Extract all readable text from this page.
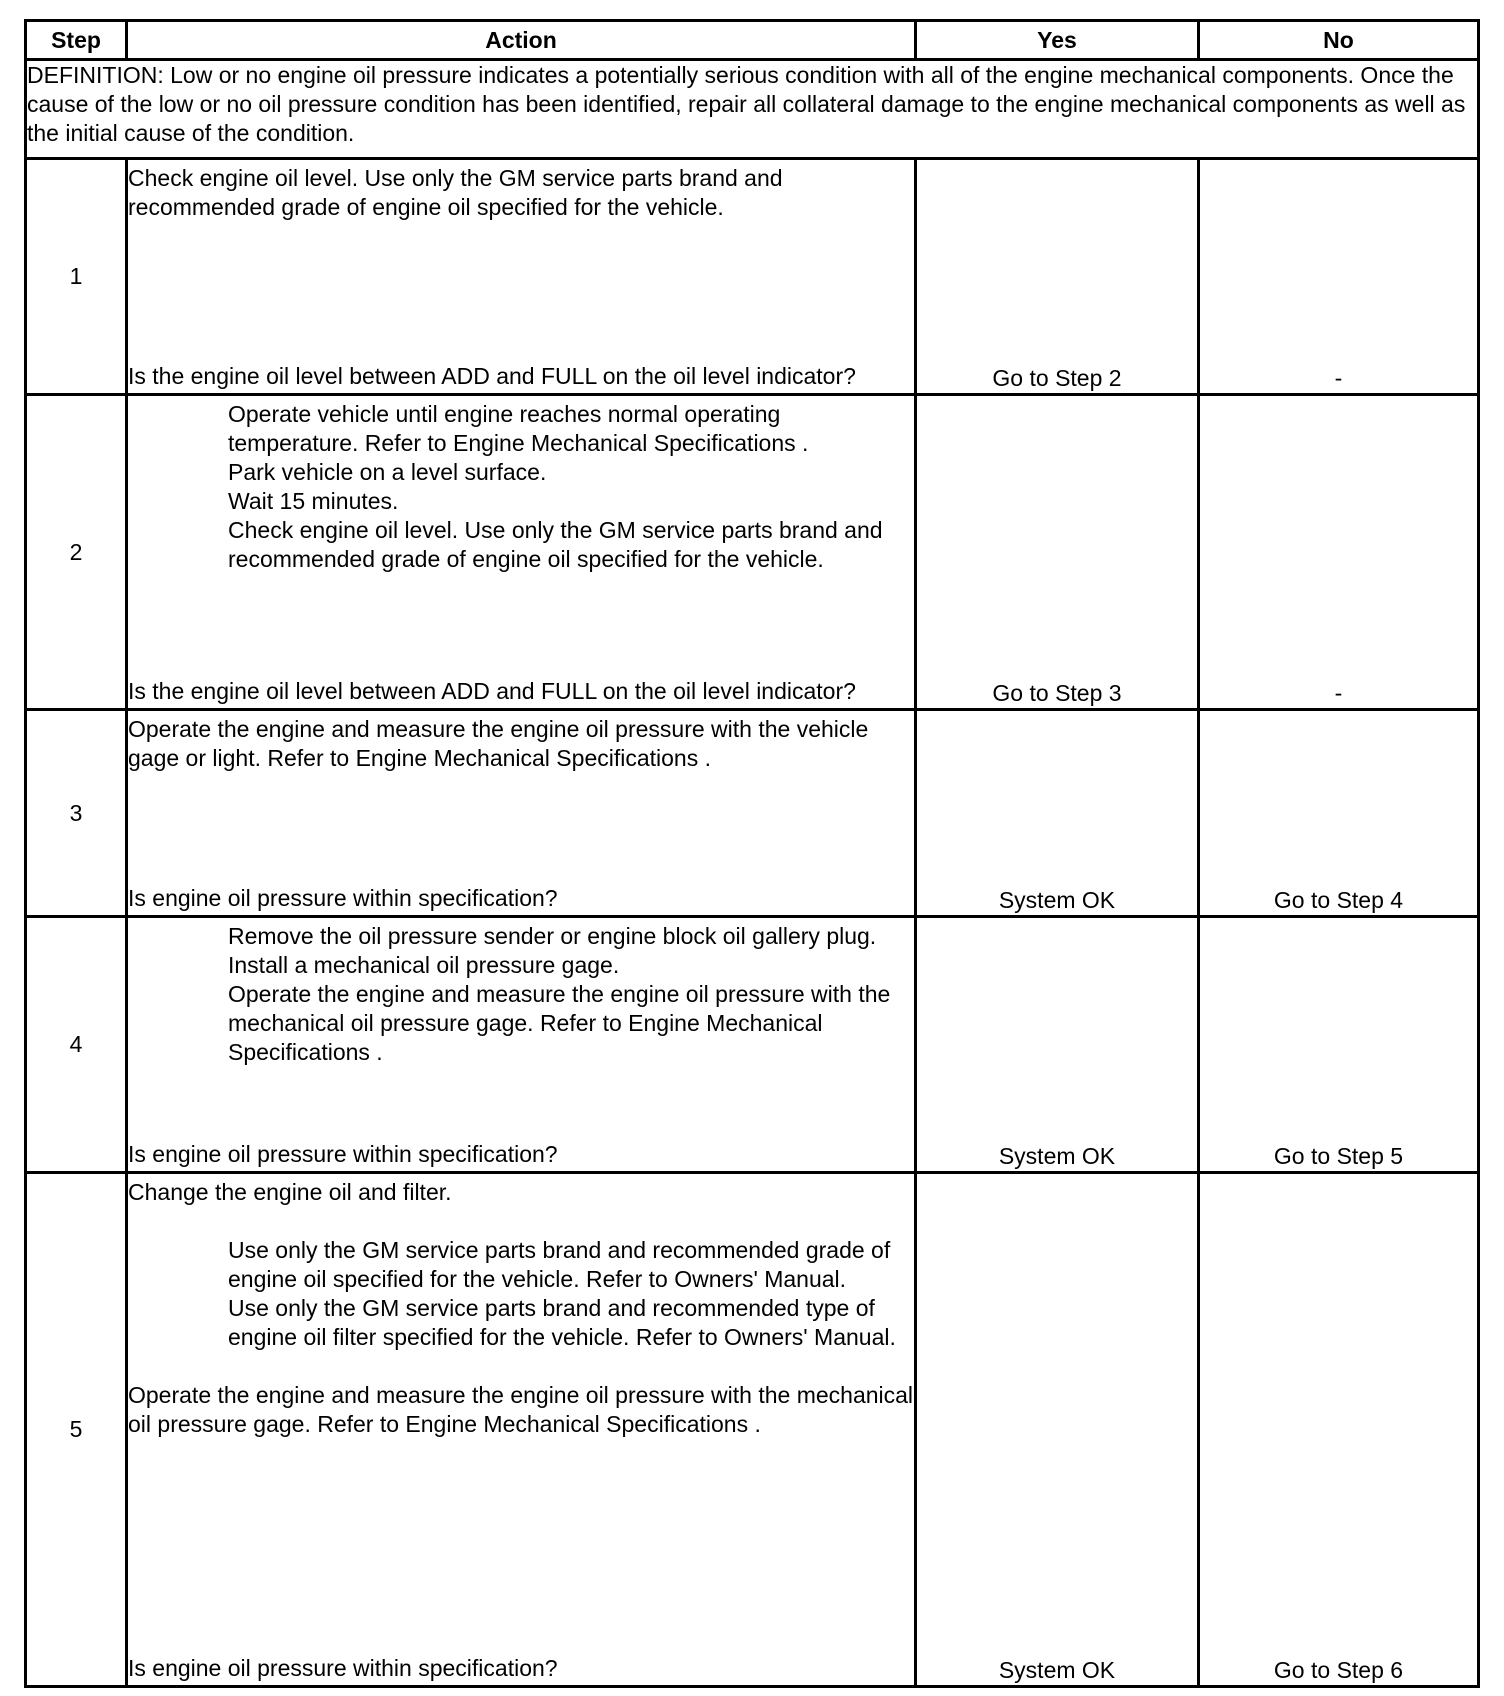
Step	Action	Yes	No
DEFINITION: Low or no engine oil pressure indicates a potentially serious condition with all of the engine mechanical components. Once the cause of the low or no oil pressure condition has been identified, repair all collateral damage to the engine mechanical components as well as the initial cause of the condition.			
1	Check engine oil level. Use only the GM service parts brand and recommended grade of engine oil specified for the vehicle.
Is the engine oil level between ADD and FULL on the oil level indicator?	Go to Step 2	-
2	Operate vehicle until engine reaches normal operating temperature. Refer to Engine Mechanical Specifications .
Park vehicle on a level surface.
Wait 15 minutes.
Check engine oil level. Use only the GM service parts brand and recommended grade of engine oil specified for the vehicle.
Is the engine oil level between ADD and FULL on the oil level indicator?	Go to Step 3	-
3	Operate the engine and measure the engine oil pressure with the vehicle gage or light. Refer to Engine Mechanical Specifications .
Is engine oil pressure within specification?	System OK	Go to Step 4
4	Remove the oil pressure sender or engine block oil gallery plug.
Install a mechanical oil pressure gage.
Operate the engine and measure the engine oil pressure with the mechanical oil pressure gage. Refer to Engine Mechanical Specifications .
Is engine oil pressure within specification?	System OK	Go to Step 5
5	Change the engine oil and filter.
Use only the GM service parts brand and recommended grade of engine oil specified for the vehicle. Refer to Owners' Manual.
Use only the GM service parts brand and recommended type of engine oil filter specified for the vehicle. Refer to Owners' Manual.
Operate the engine and measure the engine oil pressure with the mechanical oil pressure gage. Refer to Engine Mechanical Specifications .
Is engine oil pressure within specification?	System OK	Go to Step 6
